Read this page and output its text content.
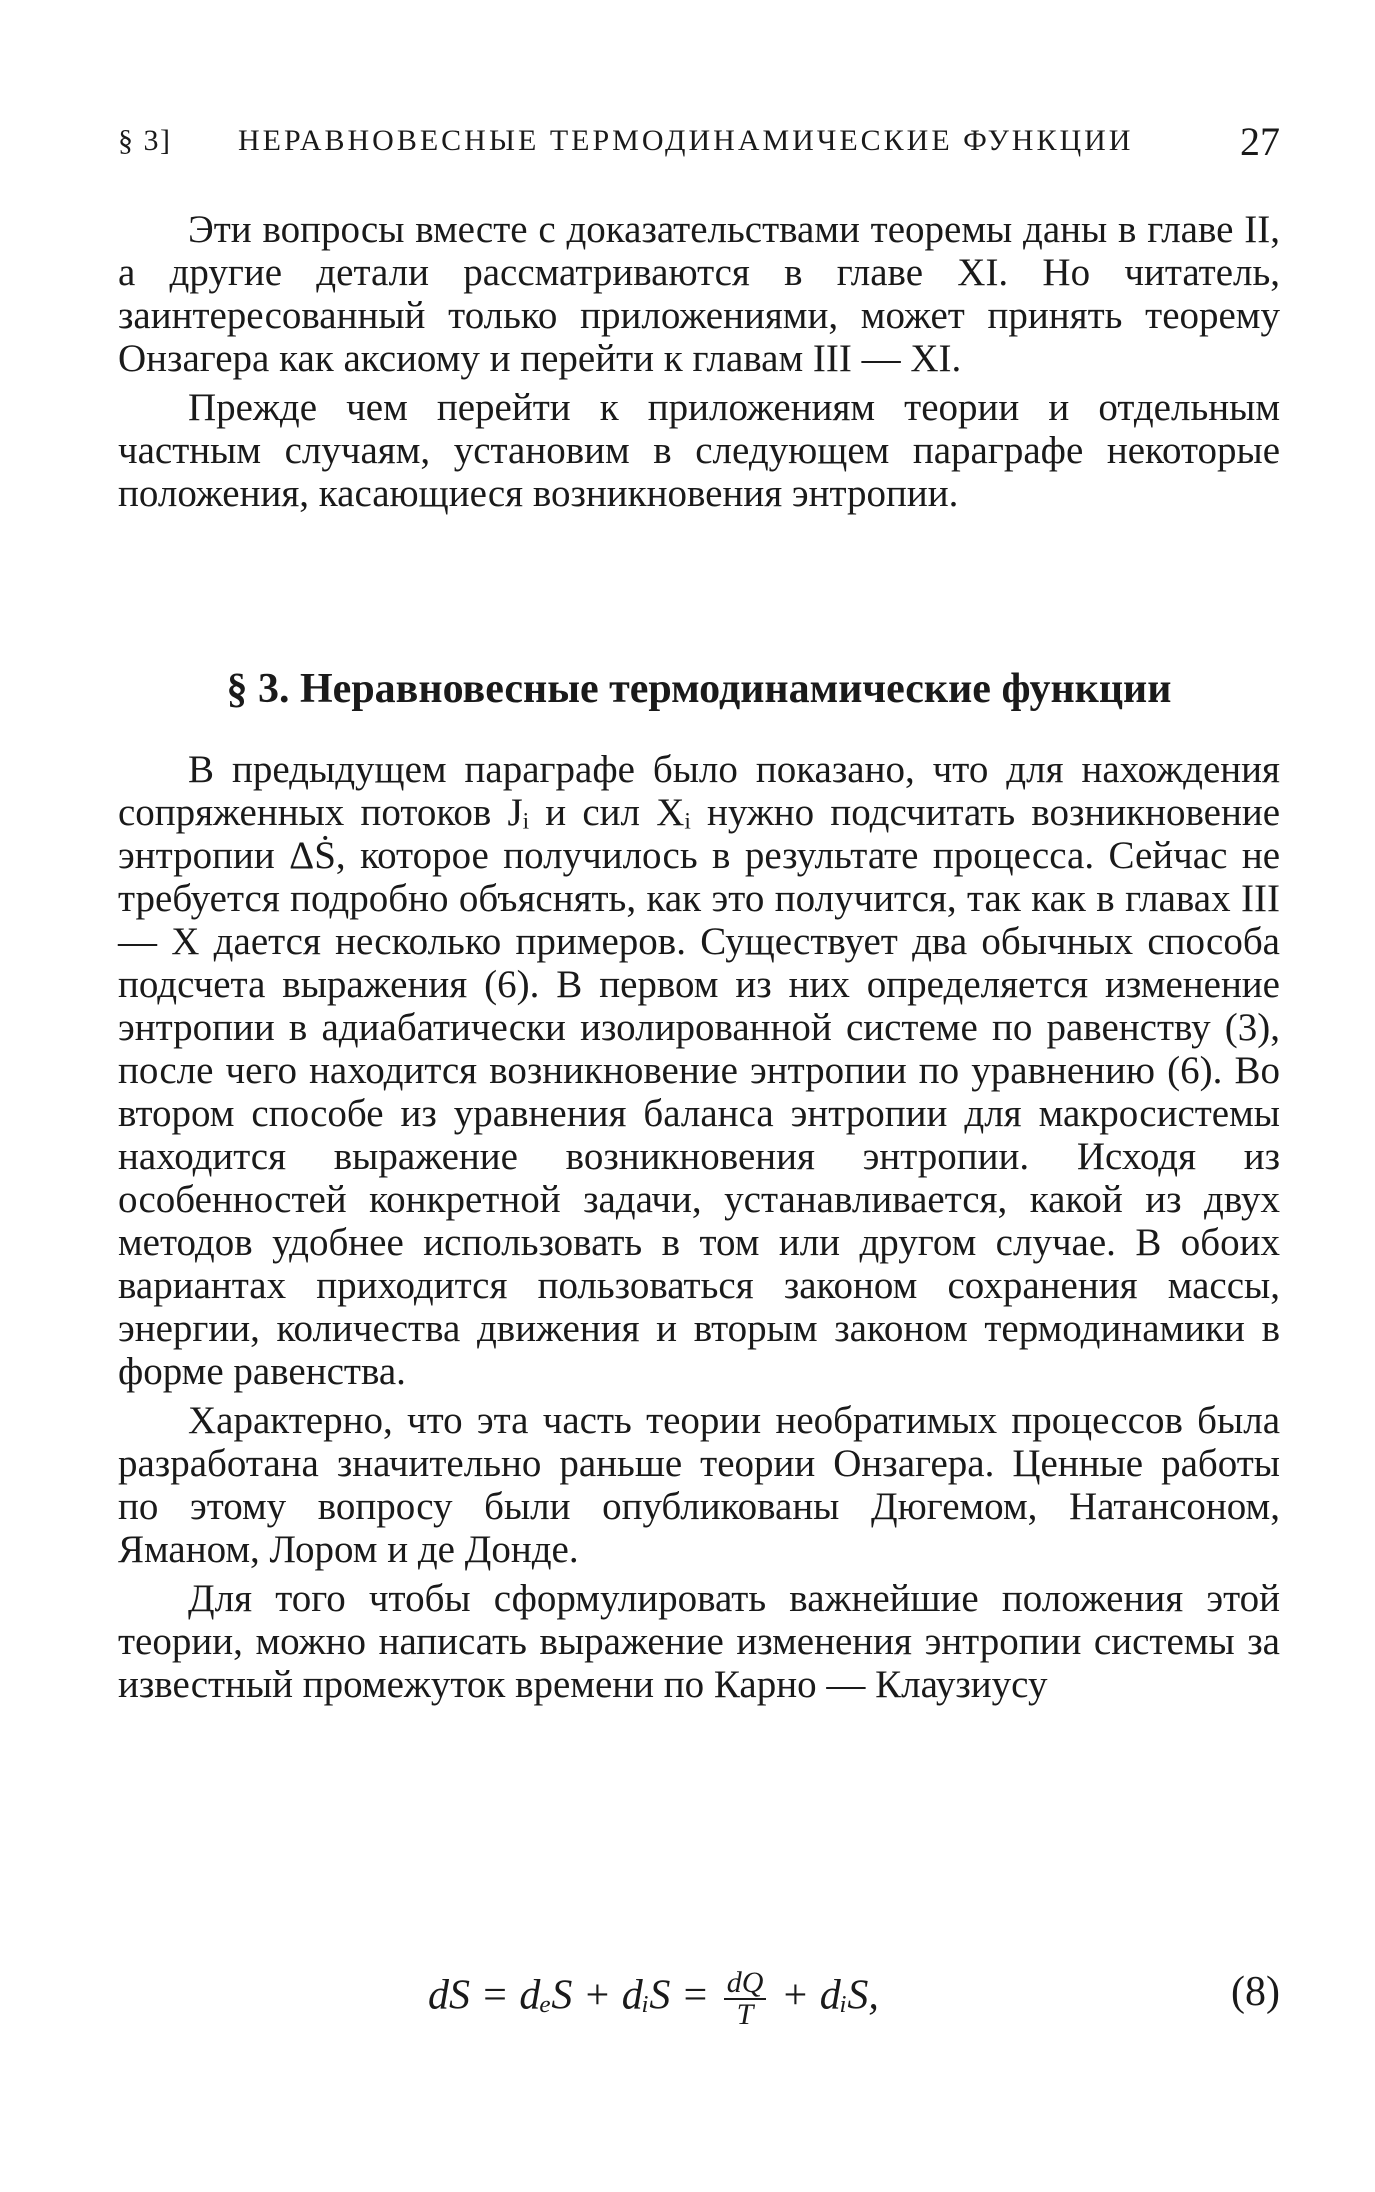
§ 3] НЕРАВНОВЕСНЫЕ ТЕРМОДИНАМИЧЕСКИЕ ФУНКЦИИ	27

Эти вопросы вместе с доказательствами теоремы даны в главе II, а другие детали рассматриваются в главе XI. Но читатель, заинтересованный только приложениями, может принять теорему Онзагера как аксиому и перейти к главам III — XI.

Прежде чем перейти к приложениям теории и отдельным частным случаям, установим в следующем параграфе некоторые положения, касающиеся возникновения энтропии.

§ 3. Неравновесные термодинамические функции

В предыдущем параграфе было показано, что для нахождения сопряженных потоков Jᵢ и сил Xᵢ нужно подсчитать возникновение энтропии ΔṠ, которое получилось в результате процесса. Сейчас не требуется подробно объяснять, как это получится, так как в главах III — X дается несколько примеров. Существует два обычных способа подсчета выражения (6). В первом из них определяется изменение энтропии в адиабатически изолированной системе по равенству (3), после чего находится возникновение энтропии по уравнению (6). Во втором способе из уравнения баланса энтропии для макросистемы находится выражение возникновения энтропии. Исходя из особенностей конкретной задачи, устанавливается, какой из двух методов удобнее использовать в том или другом случае. В обоих вариантах приходится пользоваться законом сохранения массы, энергии, количества движения и вторым законом термодинамики в форме равенства.

Характерно, что эта часть теории необратимых процессов была разработана значительно раньше теории Онзагера. Ценные работы по этому вопросу были опубликованы Дюгемом, Натансоном, Яманом, Лором и де Донде.

Для того чтобы сформулировать важнейшие положения этой теории, можно написать выражение изменения энтропии системы за известный промежуток времени по Карно — Клаузиусу

dS = dₑS + dᵢS = $\frac{dQ}{T}$ + dᵢS,	(8)
